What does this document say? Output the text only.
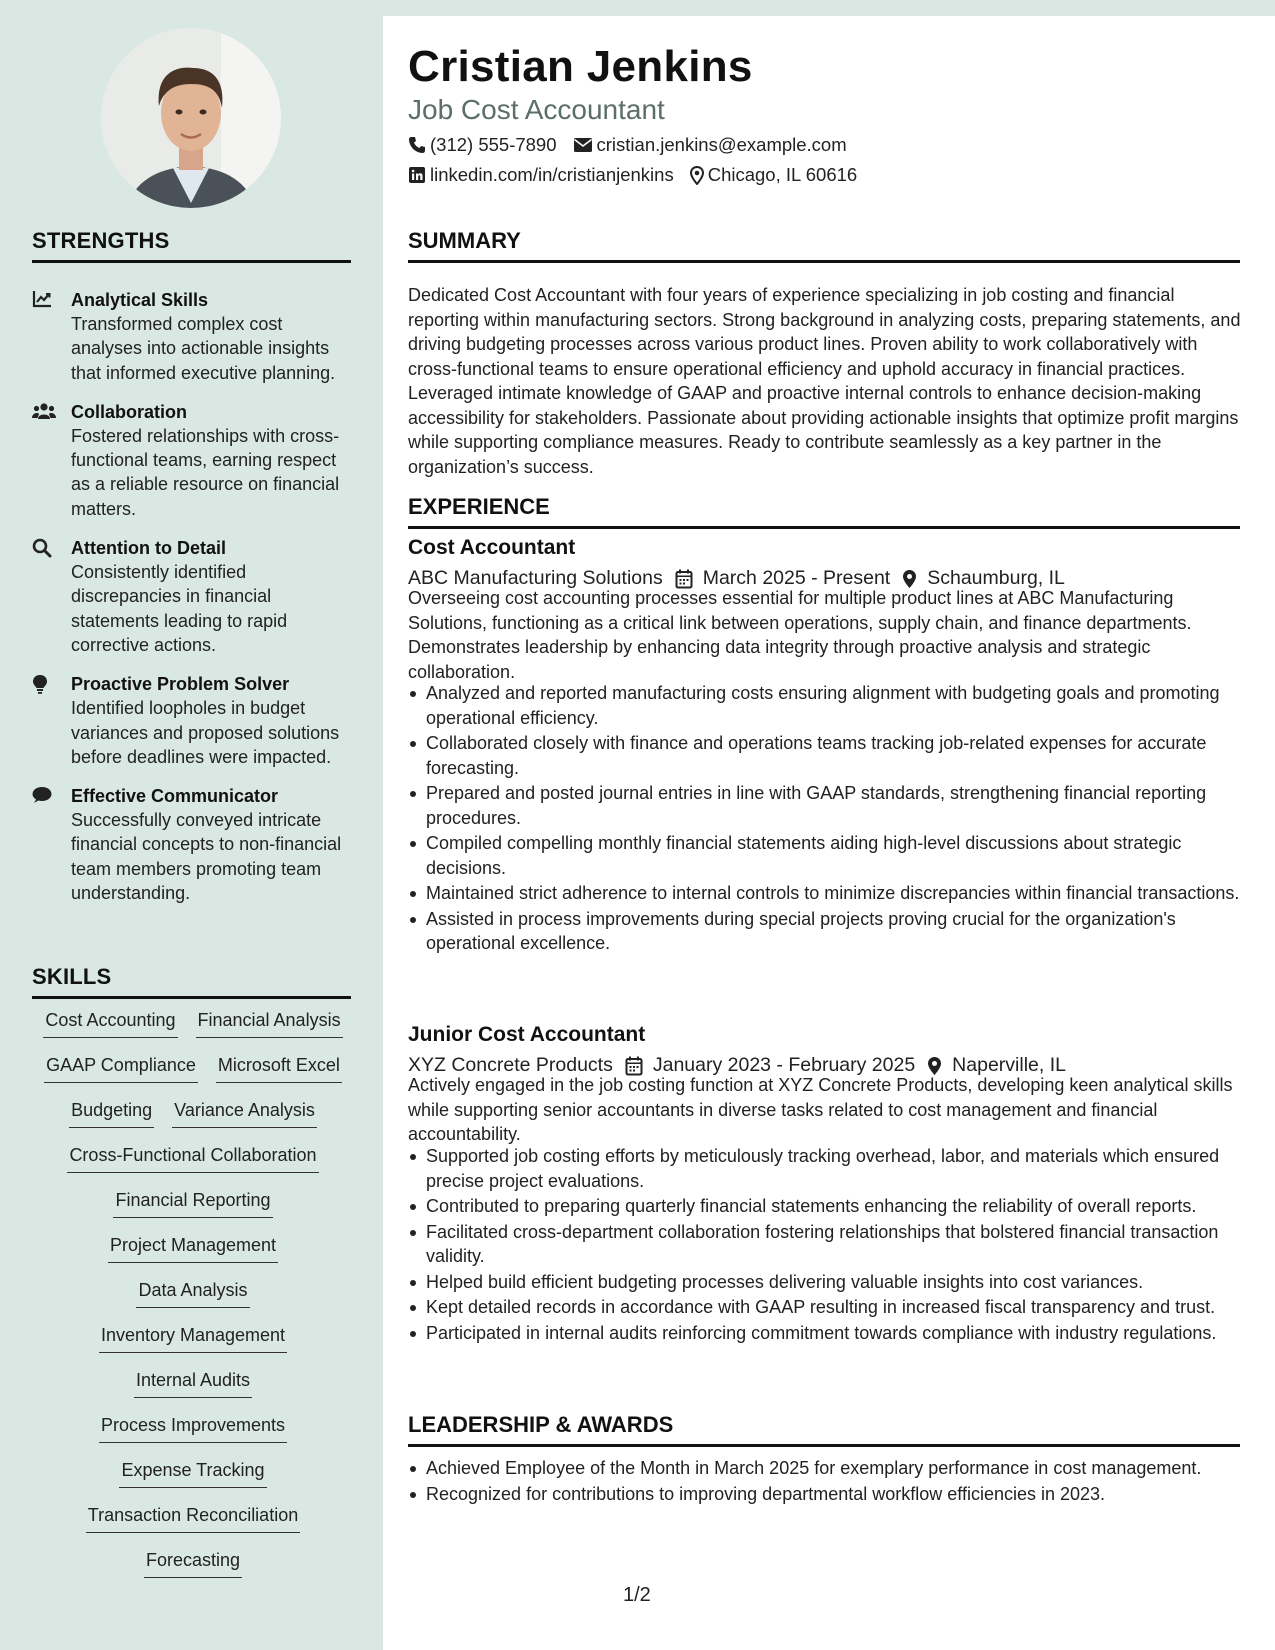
STRENGTHS
Analytical Skills
Transformed complex cost analyses into actionable insights that informed executive planning.
Collaboration
Fostered relationships with cross-functional teams, earning respect as a reliable resource on financial matters.
Attention to Detail
Consistently identified discrepancies in financial statements leading to rapid corrective actions.
Proactive Problem Solver
Identified loopholes in budget variances and proposed solutions before deadlines were impacted.
Effective Communicator
Successfully conveyed intricate financial concepts to non-financial team members promoting team understanding.
SKILLS
Cost Accounting Financial Analysis
GAAP Compliance Microsoft Excel
Budgeting Variance Analysis
Cross-Functional Collaboration
Financial Reporting
Project Management
Data Analysis
Inventory Management
Internal Audits
Process Improvements
Expense Tracking
Transaction Reconciliation
Forecasting
Cristian Jenkins
Job Cost Accountant
(312) 555-7890 cristian.jenkins@example.com
linkedin.com/in/cristianjenkins Chicago, IL 60616
SUMMARY
Dedicated Cost Accountant with four years of experience specializing in job costing and financial reporting within manufacturing sectors. Strong background in analyzing costs, preparing statements, and driving budgeting processes across various product lines. Proven ability to work collaboratively with cross-functional teams to ensure operational efficiency and uphold accuracy in financial practices. Leveraged intimate knowledge of GAAP and proactive internal controls to enhance decision-making accessibility for stakeholders. Passionate about providing actionable insights that optimize profit margins while supporting compliance measures. Ready to contribute seamlessly as a key partner in the organization’s success.
EXPERIENCE
Cost Accountant
ABC Manufacturing Solutions March 2025 - Present Schaumburg, IL
Overseeing cost accounting processes essential for multiple product lines at ABC Manufacturing Solutions, functioning as a critical link between operations, supply chain, and finance departments. Demonstrates leadership by enhancing data integrity through proactive analysis and strategic collaboration.
Analyzed and reported manufacturing costs ensuring alignment with budgeting goals and promoting operational efficiency.
Collaborated closely with finance and operations teams tracking job-related expenses for accurate forecasting.
Prepared and posted journal entries in line with GAAP standards, strengthening financial reporting procedures.
Compiled compelling monthly financial statements aiding high-level discussions about strategic decisions.
Maintained strict adherence to internal controls to minimize discrepancies within financial transactions.
Assisted in process improvements during special projects proving crucial for the organization's operational excellence.
Junior Cost Accountant
XYZ Concrete Products January 2023 - February 2025 Naperville, IL
Actively engaged in the job costing function at XYZ Concrete Products, developing keen analytical skills while supporting senior accountants in diverse tasks related to cost management and financial accountability.
Supported job costing efforts by meticulously tracking overhead, labor, and materials which ensured precise project evaluations.
Contributed to preparing quarterly financial statements enhancing the reliability of overall reports.
Facilitated cross-department collaboration fostering relationships that bolstered financial transaction validity.
Helped build efficient budgeting processes delivering valuable insights into cost variances.
Kept detailed records in accordance with GAAP resulting in increased fiscal transparency and trust.
Participated in internal audits reinforcing commitment towards compliance with industry regulations.
LEADERSHIP & AWARDS
Achieved Employee of the Month in March 2025 for exemplary performance in cost management.
Recognized for contributions to improving departmental workflow efficiencies in 2023.
1/2
